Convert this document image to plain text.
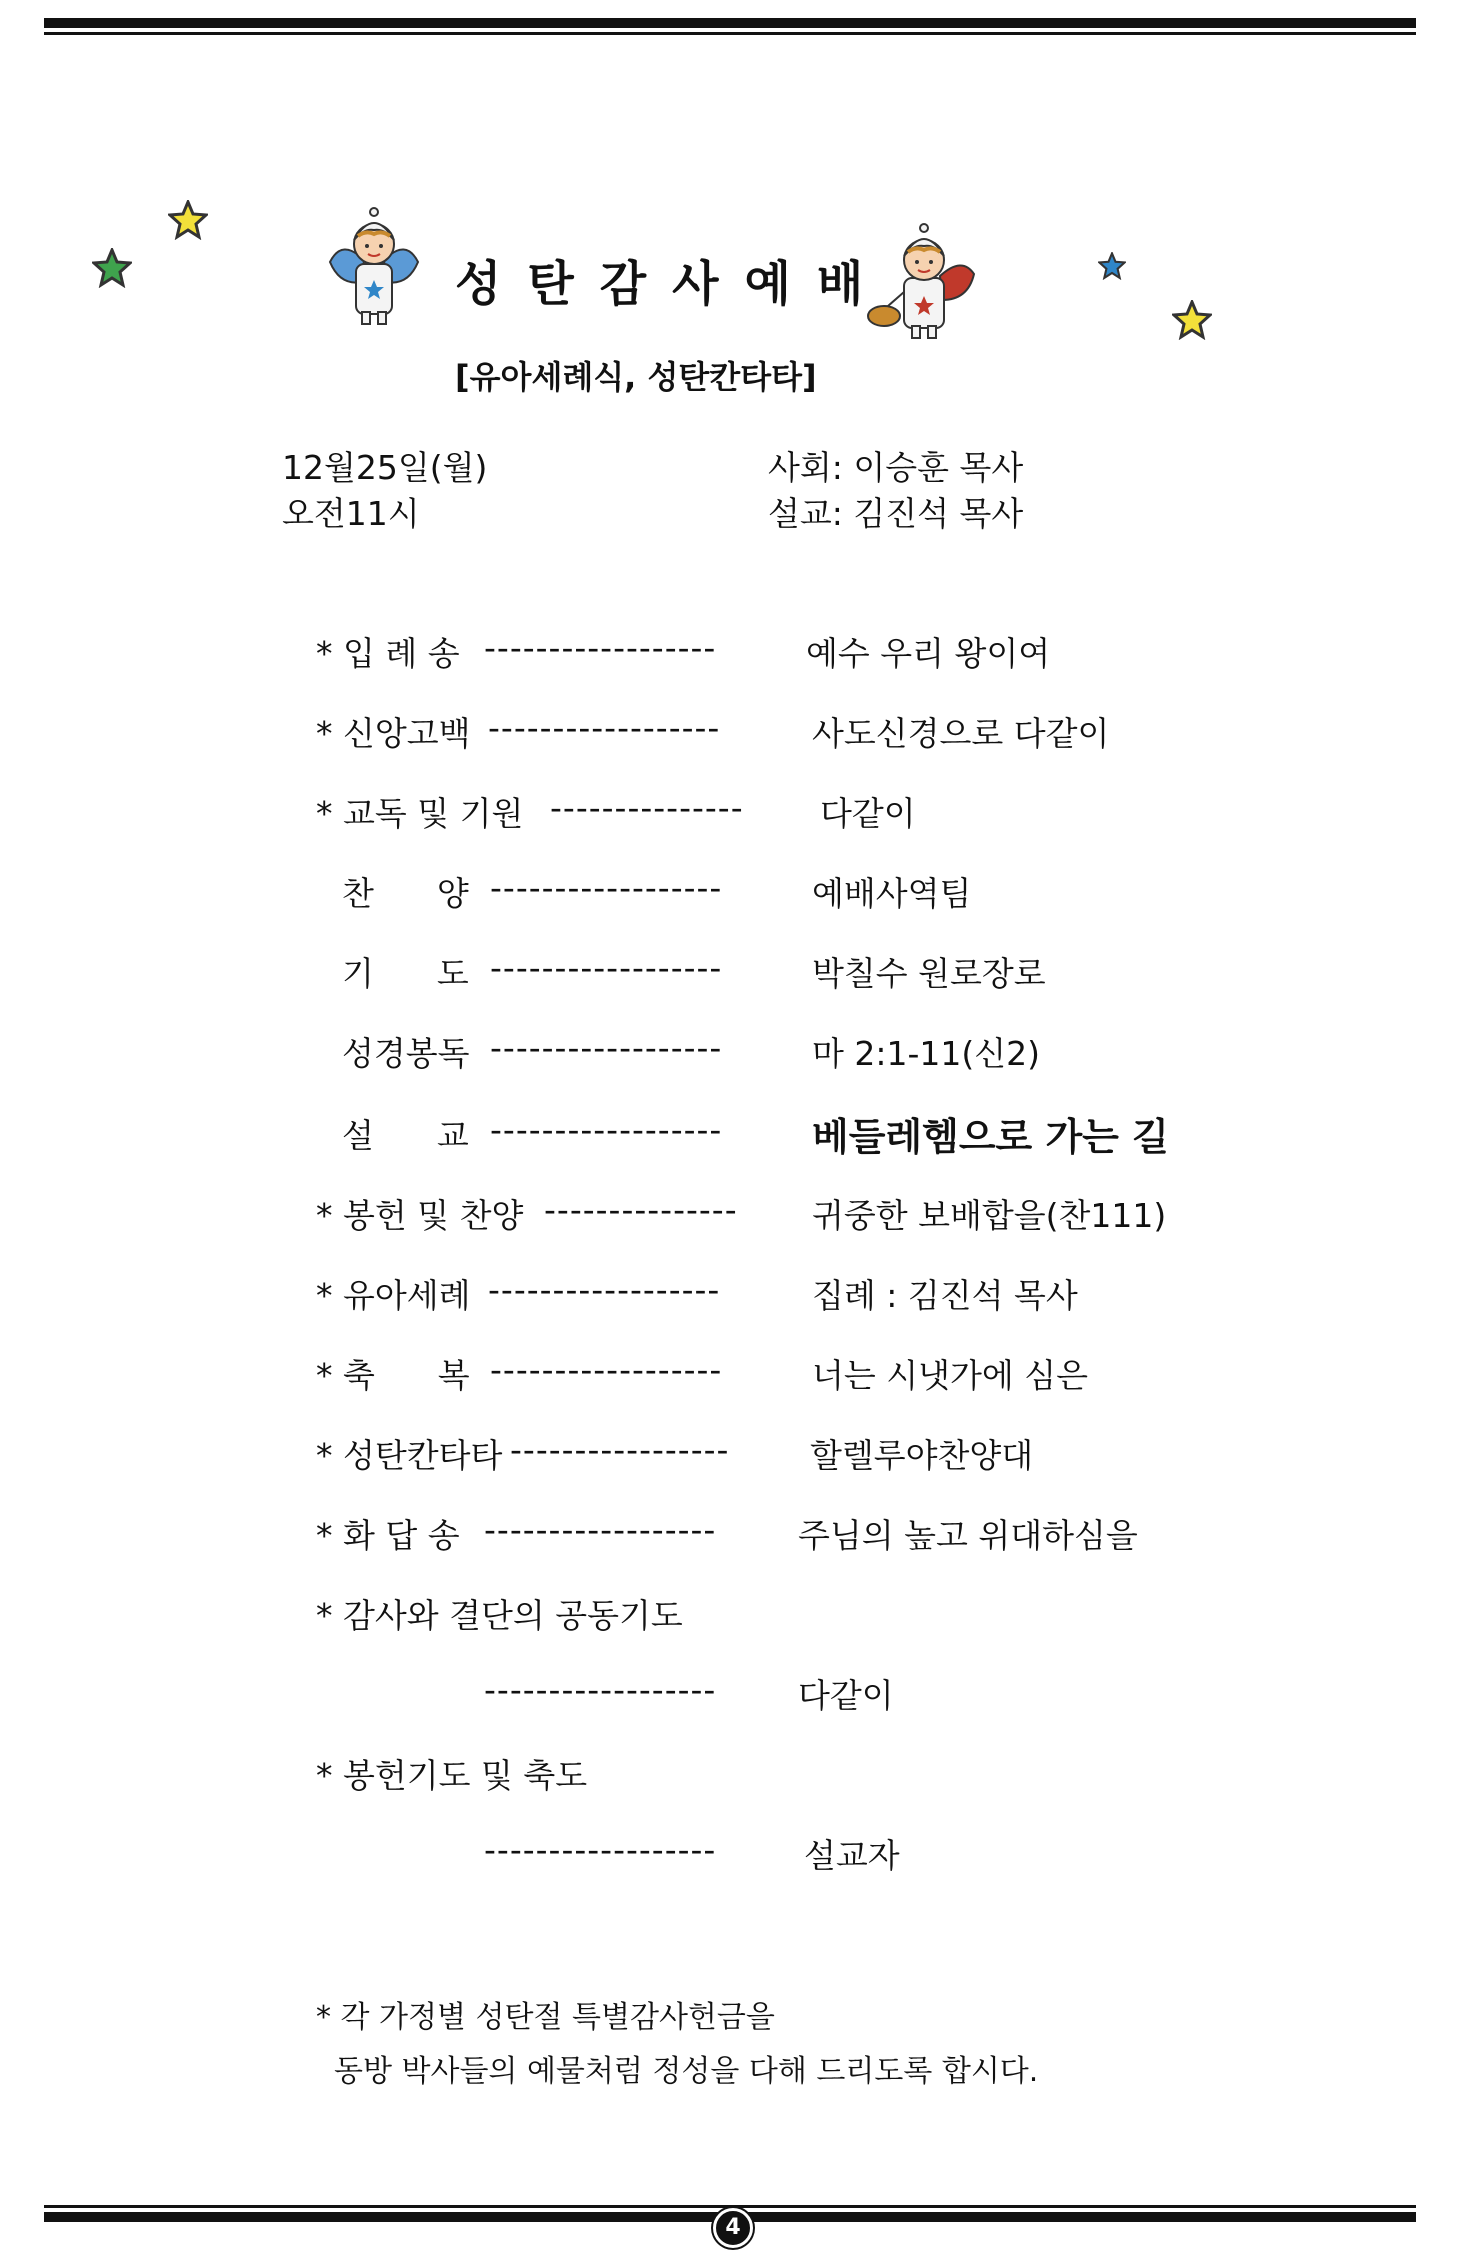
성탄감사예배
[유아세례식, 성탄칸타타]
12월25일(월)
오전11시
사회: 이승훈 목사
설교: 김진석 목사
* 입 례 송 ------------------	예수 우리 왕이여
* 신앙고백 ------------------	사도신경으로 다같이
* 교독 및 기원 --------------- 다같이
찬      양 ------------------	예배사역팀
기      도 ------------------	박칠수 원로장로
성경봉독 ------------------	마 2:1-11(신2)
설      교 ------------------ 베들레헴으로 가는 길
* 봉헌 및 찬양 --------------- 귀중한 보배합을(찬111)
* 유아세례 ------------------	집례 : 김진석 목사
* 축      복 ------------------	너는 시냇가에 심은
* 성탄칸타타 ----------------- 할렐루야찬양대
* 화 답 송 ------------------ 주님의 높고 위대하심을
* 감사와 결단의 공동기도
------------------ 다같이
* 봉헌기도 및 축도
------------------	설교자
* 각 가정별 성탄절 특별감사헌금을
동방 박사들의 예물처럼 정성을 다해 드리도록 합시다.
4
